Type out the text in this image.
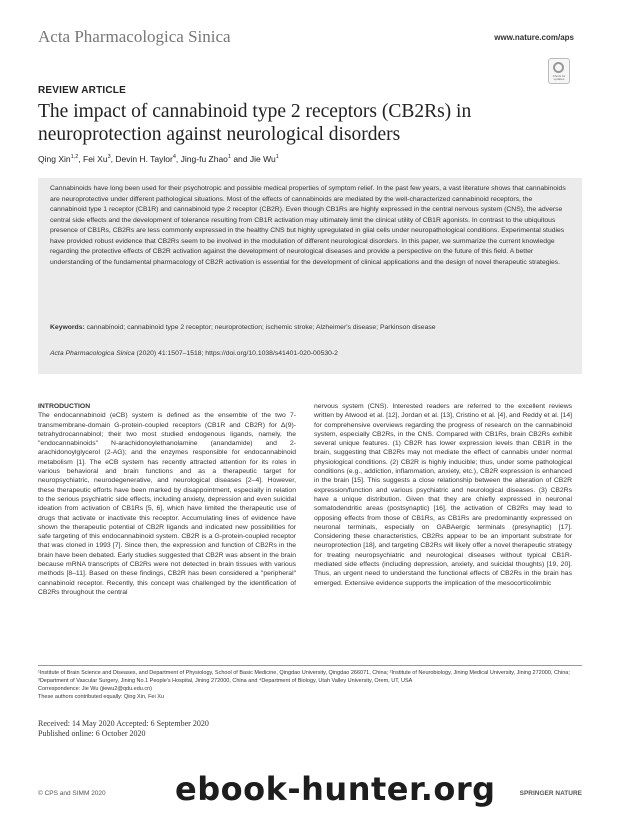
Acta Pharmacologica Sinica	www.nature.com/aps
Check for updates
REVIEW ARTICLE
The impact of cannabinoid type 2 receptors (CB2Rs) in neuroprotection against neurological disorders
Qing Xin$^{1,2}$, Fei Xu$^3$, Devin H. Taylor$^4$, Jing-fu Zhao$^1$ and Jie Wu$^1$
Cannabinoids have long been used for their psychotropic and possible medical properties of symptom relief. In the past few years, a vast literature shows that cannabinoids are neuroprotective under different pathological situations. Most of the effects of cannabinoids are mediated by the well-characterized cannabinoid receptors, the cannabinoid type 1 receptor (CB1R) and cannabinoid type 2 receptor (CB2R). Even though CB1Rs are highly expressed in the central nervous system (CNS), the adverse central side effects and the development of tolerance resulting from CB1R activation may ultimately limit the clinical utility of CB1R agonists. In contrast to the ubiquitous presence of CB1Rs, CB2Rs are less commonly expressed in the healthy CNS but highly upregulated in glial cells under neuropathological conditions. Experimental studies have provided robust evidence that CB2Rs seem to be involved in the modulation of different neurological disorders. In this paper, we summarize the current knowledge regarding the protective effects of CB2R activation against the development of neurological diseases and provide a perspective on the future of this field. A better understanding of the fundamental pharmacology of CB2R activation is essential for the development of clinical applications and the design of novel therapeutic strategies.
Keywords: cannabinoid; cannabinoid type 2 receptor; neuroprotection; ischemic stroke; Alzheimer's disease; Parkinson disease
Acta Pharmacologica Sinica (2020) 41:1507–1518; https://doi.org/10.1038/s41401-020-00530-2
INTRODUCTION
The endocannabinoid (eCB) system is defined as the ensemble of the two 7-transmembrane-domain G-protein-coupled receptors (CB1R and CB2R) for Δ(9)-tetrahydrocannabinol; their two most studied endogenous ligands, namely, the "endocannabinoids" N-arachidonoylethanolamine (anandamide) and 2-arachidonoylglycerol (2-AG); and the enzymes responsible for endocannabinoid metabolism [1]. The eCB system has recently attracted attention for its roles in various behavioral and brain functions and as a therapeutic target for neuropsychiatric, neurodegenerative, and neurological diseases [2–4]. However, these therapeutic efforts have been marked by disappointment, especially in relation to the serious psychiatric side effects, including anxiety, depression and even suicidal ideation from activation of CB1Rs [5, 6], which have limited the therapeutic use of drugs that activate or inactivate this receptor. Accumulating lines of evidence have shown the therapeutic potential of CB2R ligands and indicated new possibilities for safe targeting of this endocannabinoid system. CB2R is a G-protein-coupled receptor that was cloned in 1993 [7]. Since then, the expression and function of CB2Rs in the brain have been debated. Early studies suggested that CB2R was absent in the brain because mRNA transcripts of CB2Rs were not detected in brain tissues with various methods [8–11]. Based on these findings, CB2R has been considered a "peripheral" cannabinoid receptor. Recently, this concept was challenged by the identification of CB2Rs throughout the central
nervous system (CNS). Interested readers are referred to the excellent reviews written by Atwood et al. [12], Jordan et al. [13], Cristino et al. [4], and Reddy et al. [14] for comprehensive overviews regarding the progress of research on the cannabinoid system, especially CB2Rs, in the CNS. Compared with CB1Rs, brain CB2Rs exhibit several unique features. (1) CB2R has lower expression levels than CB1R in the brain, suggesting that CB2Rs may not mediate the effect of cannabis under normal physiological conditions. (2) CB2R is highly inducible; thus, under some pathological conditions (e.g., addiction, inflammation, anxiety, etc.), CB2R expression is enhanced in the brain [15]. This suggests a close relationship between the alteration of CB2R expression/function and various psychiatric and neurological diseases. (3) CB2Rs have a unique distribution. Given that they are chiefly expressed in neuronal somatodendritic areas (postsynaptic) [16], the activation of CB2Rs may lead to opposing effects from those of CB1Rs, as CB1Rs are predominantly expressed on neuronal terminals, especially on GABAergic terminals (presynaptic) [17]. Considering these characteristics, CB2Rs appear to be an important substrate for neuroprotection [18], and targeting CB2Rs will likely offer a novel therapeutic strategy for treating neuropsychiatric and neurological diseases without typical CB1R-mediated side effects (including depression, anxiety, and suicidal thoughts) [19, 20]. Thus, an urgent need to understand the functional effects of CB2Rs in the brain has emerged. Extensive evidence supports the implication of the mesocorticolimbic
¹Institute of Brain Science and Diseases, and Department of Physiology, School of Basic Medicine, Qingdao University, Qingdao 266071, China; ²Institute of Neurobiology, Jining Medical University, Jining 272000, China; ³Department of Vascular Surgery, Jining No.1 People's Hospital, Jining 272000, China and ⁴Department of Biology, Utah Valley University, Orem, UT, USA
Correspondence: Jie Wu (jiewu2@qdu.edu.cn)
These authors contributed equally: Qing Xin, Fei Xu
Received: 14 May 2020 Accepted: 6 September 2020
Published online: 6 October 2020
© CPS and SIMM 2020 ebook-hunter.org	SPRINGER NATURE
